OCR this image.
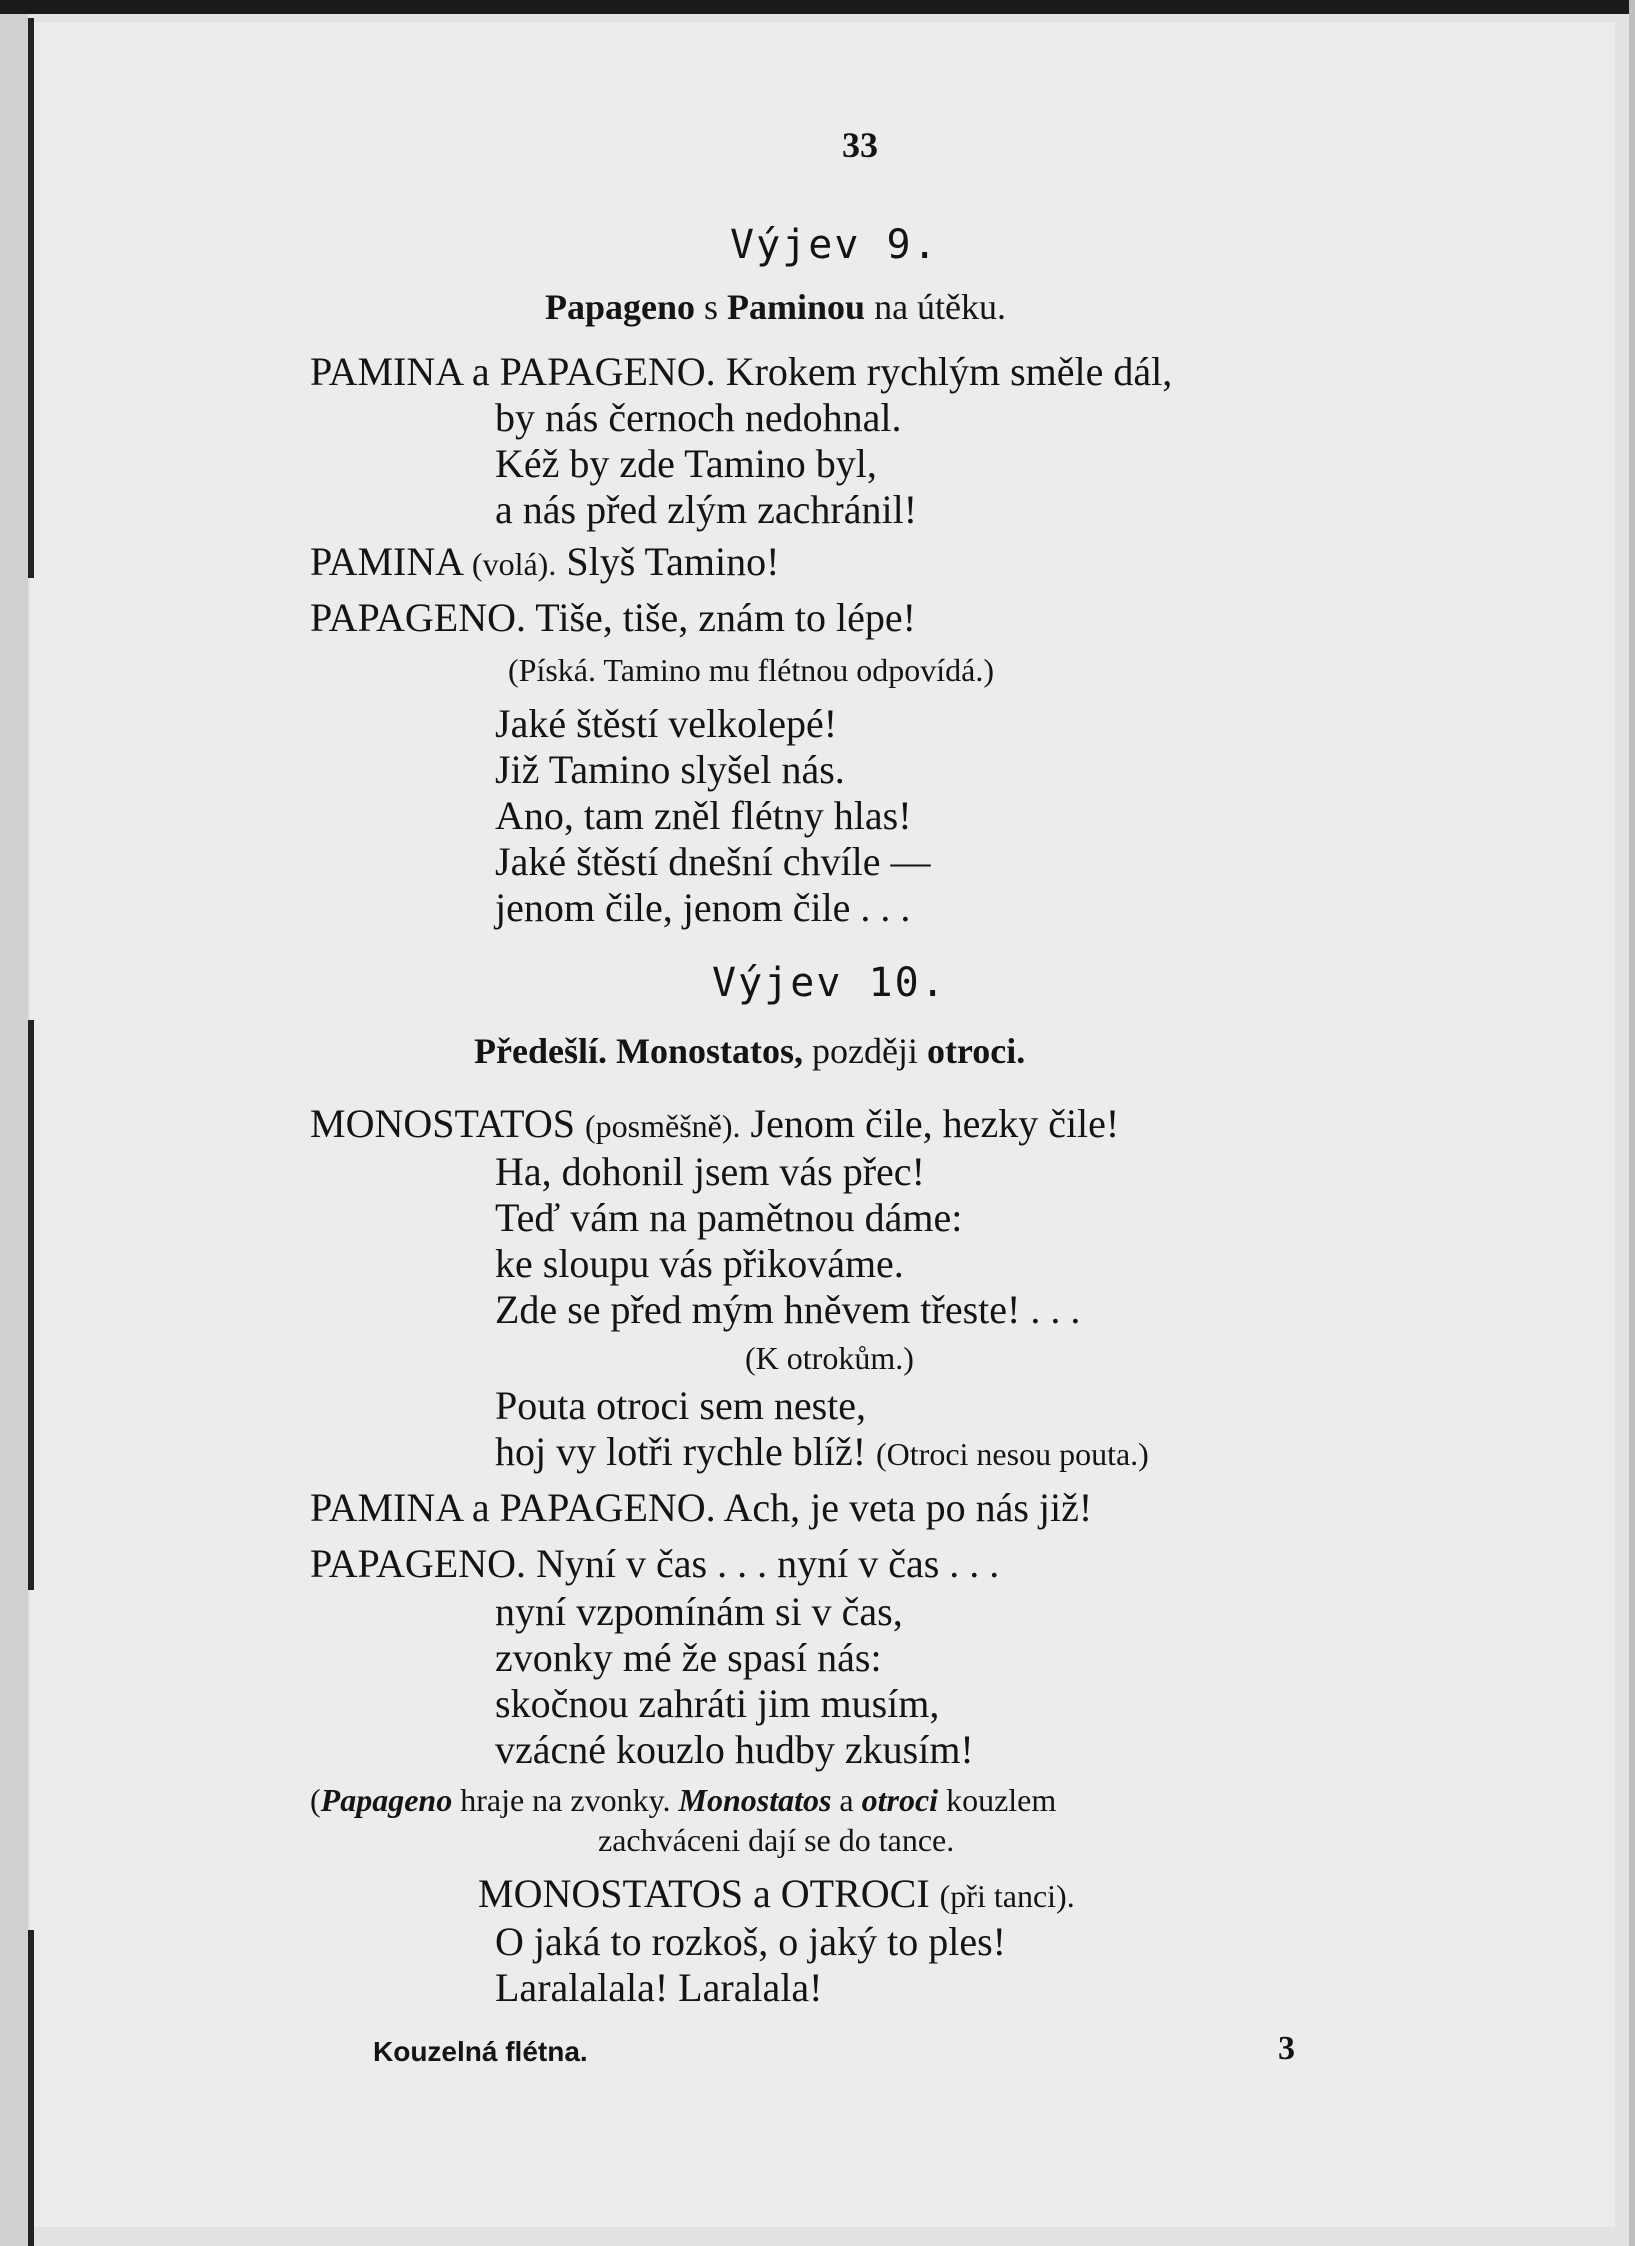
33
Výjev 9.
Papageno s Paminou na útěku.
PAMINA a PAPAGENO. Krokem rychlým směle dál,
by nás černoch nedohnal.
Kéž by zde Tamino byl,
a nás před zlým zachránil!
PAMINA (volá). Slyš Tamino!
PAPAGENO. Tiše, tiše, znám to lépe!
(Píská. Tamino mu flétnou odpovídá.)
Jaké štěstí velkolepé!
Již Tamino slyšel nás.
Ano, tam zněl flétny hlas!
Jaké štěstí dnešní chvíle —
jenom čile, jenom čile . . .
Výjev 10.
Předešlí. Monostatos, později otroci.
MONOSTATOS (posměšně). Jenom čile, hezky čile!
Ha, dohonil jsem vás přec!
Teď vám na pamětnou dáme:
ke sloupu vás přikováme.
Zde se před mým hněvem třeste! . . .
(K otrokům.)
Pouta otroci sem neste,
hoj vy lotři rychle blíž! (Otroci nesou pouta.)
PAMINA a PAPAGENO. Ach, je veta po nás již!
PAPAGENO. Nyní v čas . . . nyní v čas . . .
nyní vzpomínám si v čas,
zvonky mé že spasí nás:
skočnou zahráti jim musím,
vzácné kouzlo hudby zkusím!
(Papageno hraje na zvonky. Monostatos a otroci kouzlem
zachváceni dají se do tance.
MONOSTATOS a OTROCI (při tanci).
O jaká to rozkoš, o jaký to ples!
Laralalala! Laralala!
Kouzelná flétna.	3
